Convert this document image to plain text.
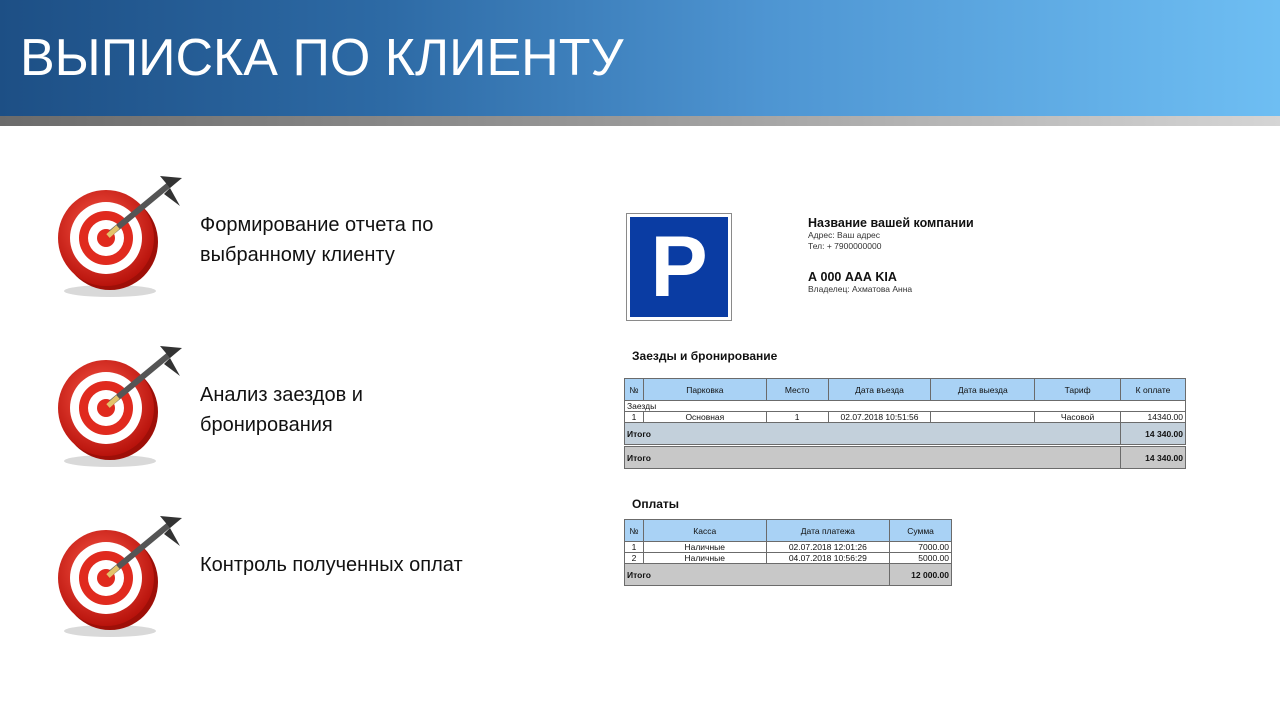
ВЫПИСКА ПО КЛИЕНТУ
Формирование отчета по выбранному клиенту
Анализ заездов и бронирования
Контроль полученных оплат
P	Название вашей компании
Адрес: Ваш адрес
Тел: + 7900000000
А 000 ААА KIA
Владелец: Ахматова Анна
Заезды и бронирование
№	Парковка	Место	Дата въезда	Дата выезда	Тариф	К оплате
Заезды						
1	Основная	1	02.07.2018 10:51:56		Часовой	14340.00
Итого						14 340.00

Итого						14 340.00
Оплаты
№	Касса	Дата платежа	Сумма
1	Наличные	02.07.2018 12:01:26	7000.00
2	Наличные	04.07.2018 10:56:29	5000.00
Итого			12 000.00
